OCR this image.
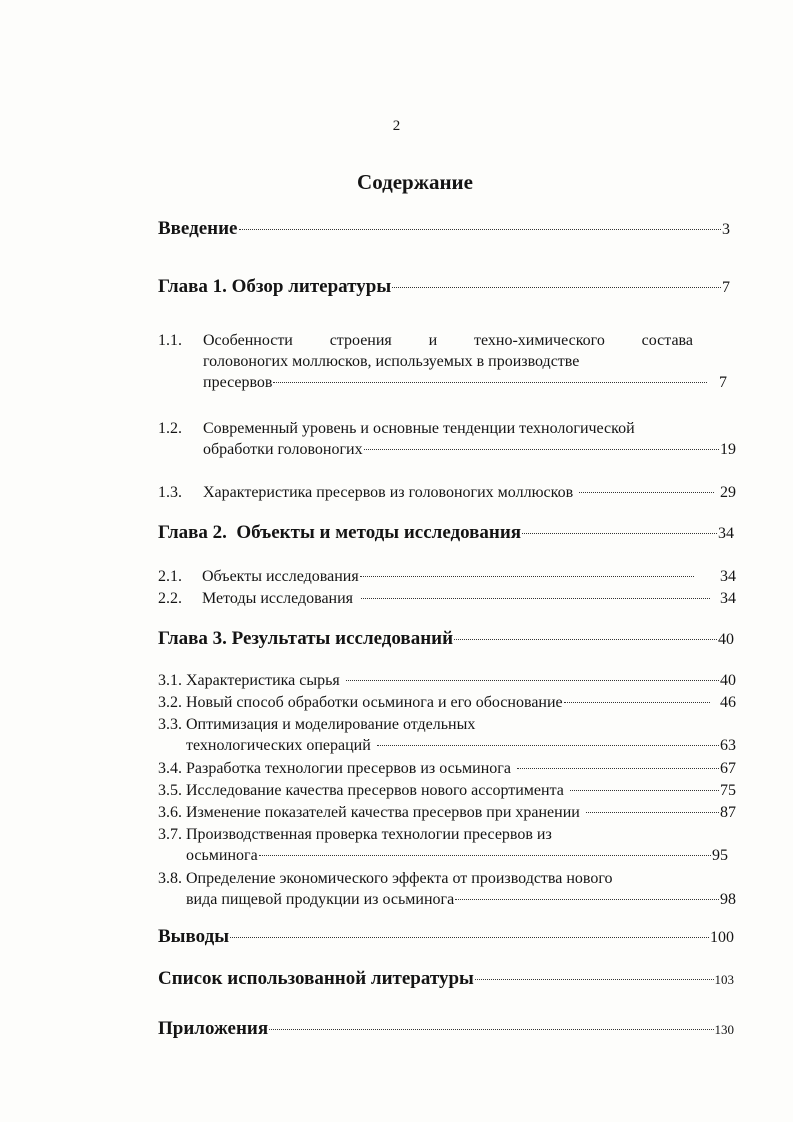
2
Содержание
Введение	3
Глава 1. Обзор литературы	7
1.1. Особенности строения и техно-химического состава
головоногих моллюсков, используемых в производстве
пресервов	7
1.2. Современный уровень и основные тенденции технологической
обработки головоногих	19
1.3.	Характеристика пресервов из головоногих моллюсков	29
Глава 2.  Объекты и методы исследования	34
2.1.	Объекты исследования	34
2.2.	Методы исследования	34
Глава 3. Результаты исследований	40
3.1. Характеристика сырья	40
3.2. Новый способ обработки осьминога и его обоснование	46
3.3. Оптимизация и моделирование отдельных
технологических операций	63
3.4. Разработка технологии пресервов из осьминога	67
3.5. Исследование качества пресервов нового ассортимента	75
3.6. Изменение показателей качества пресервов при хранении	87
3.7. Производственная проверка технологии пресервов из
осьминога	95
3.8. Определение экономического эффекта от производства нового
вида пищевой продукции из осьминога	98
Выводы	100
Список использованной литературы	103
Приложения	130
